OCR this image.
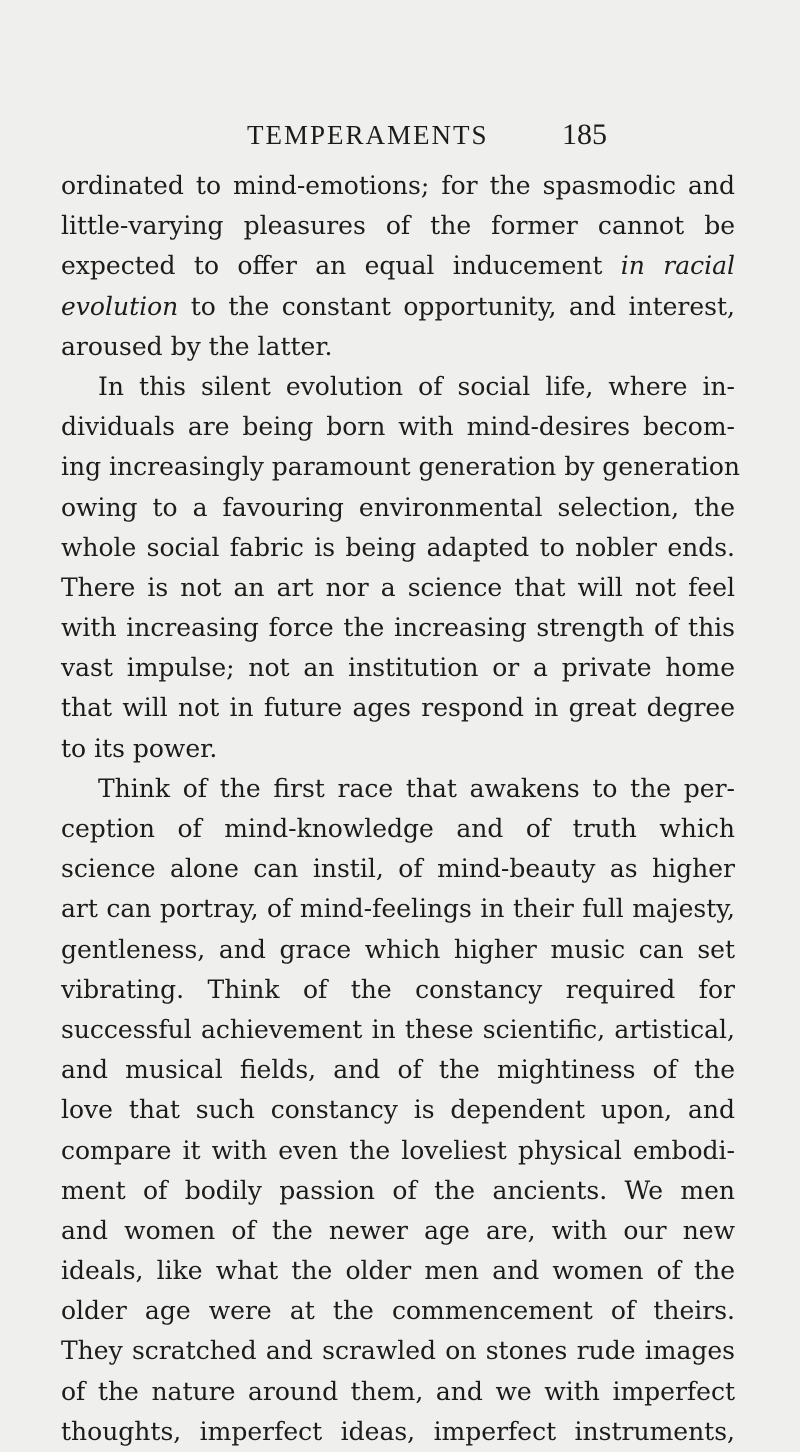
TEMPERAMENTS 185
ordinated to mind-emotions; for the spasmodic and
little-varying pleasures of the former cannot be
expected to offer an equal inducement in racial
evolution to the constant opportunity, and interest,
aroused by the latter.
In this silent evolution of social life, where in-
dividuals are being born with mind-desires becom-
ing increasingly paramount generation by generation
owing to a favouring environmental selection, the
whole social fabric is being adapted to nobler ends.
There is not an art nor a science that will not feel
with increasing force the increasing strength of this
vast impulse; not an institution or a private home
that will not in future ages respond in great degree
to its power.
Think of the first race that awakens to the per-
ception of mind-knowledge and of truth which
science alone can instil, of mind-beauty as higher
art can portray, of mind-feelings in their full majesty,
gentleness, and grace which higher music can set
vibrating. Think of the constancy required for
successful achievement in these scientific, artistical,
and musical fields, and of the mightiness of the
love that such constancy is dependent upon, and
compare it with even the loveliest physical embodi-
ment of bodily passion of the ancients. We men
and women of the newer age are, with our new
ideals, like what the older men and women of the
older age were at the commencement of theirs.
They scratched and scrawled on stones rude images
of the nature around them, and we with imperfect
thoughts, imperfect ideas, imperfect instruments,
